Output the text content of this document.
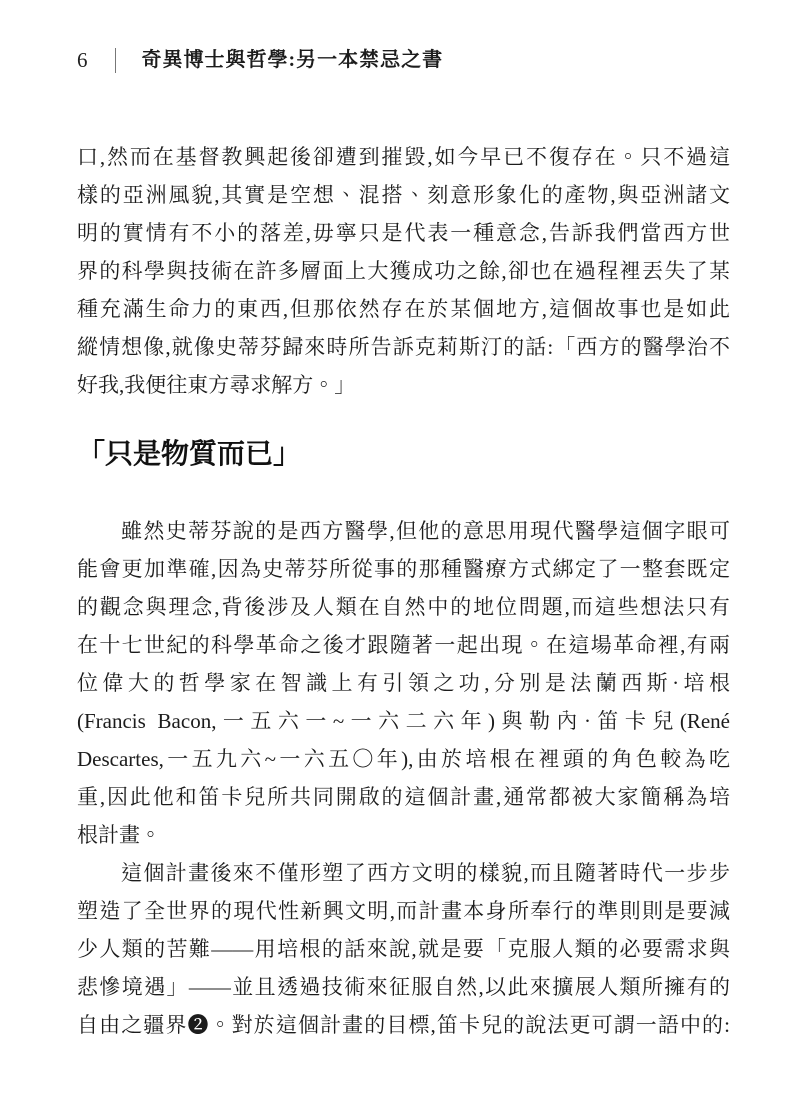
6	奇異博士與哲學:另一本禁忌之書
口,然而在基督教興起後卻遭到摧毀,如今早已不復存在。只不過這
樣的亞洲風貌,其實是空想、混搭、刻意形象化的產物,與亞洲諸文
明的實情有不小的落差,毋寧只是代表一種意念,告訴我們當西方世
界的科學與技術在許多層面上大獲成功之餘,卻也在過程裡丟失了某
種充滿生命力的東西,但那依然存在於某個地方,這個故事也是如此
縱情想像,就像史蒂芬歸來時所告訴克莉斯汀的話:「西方的醫學治不
好我,我便往東方尋求解方。」
「只是物質而已」
雖然史蒂芬說的是西方醫學,但他的意思用現代醫學這個字眼可
能會更加準確,因為史蒂芬所從事的那種醫療方式綁定了一整套既定
的觀念與理念,背後涉及人類在自然中的地位問題,而這些想法只有
在十七世紀的科學革命之後才跟隨著一起出現。在這場革命裡,有兩
位偉大的哲學家在智識上有引領之功,分別是法蘭西斯·培根
(Francis Bacon,一五六一~一六二六年)與勒內·笛卡兒(René
Descartes,一五九六~一六五〇年),由於培根在裡頭的角色較為吃
重,因此他和笛卡兒所共同開啟的這個計畫,通常都被大家簡稱為培
根計畫。
這個計畫後來不僅形塑了西方文明的樣貌,而且隨著時代一步步
塑造了全世界的現代性新興文明,而計畫本身所奉行的準則則是要減
少人類的苦難——用培根的話來說,就是要「克服人類的必要需求與
悲慘境遇」——並且透過技術來征服自然,以此來擴展人類所擁有的
自由之疆界❷。對於這個計畫的目標,笛卡兒的說法更可謂一語中的:
